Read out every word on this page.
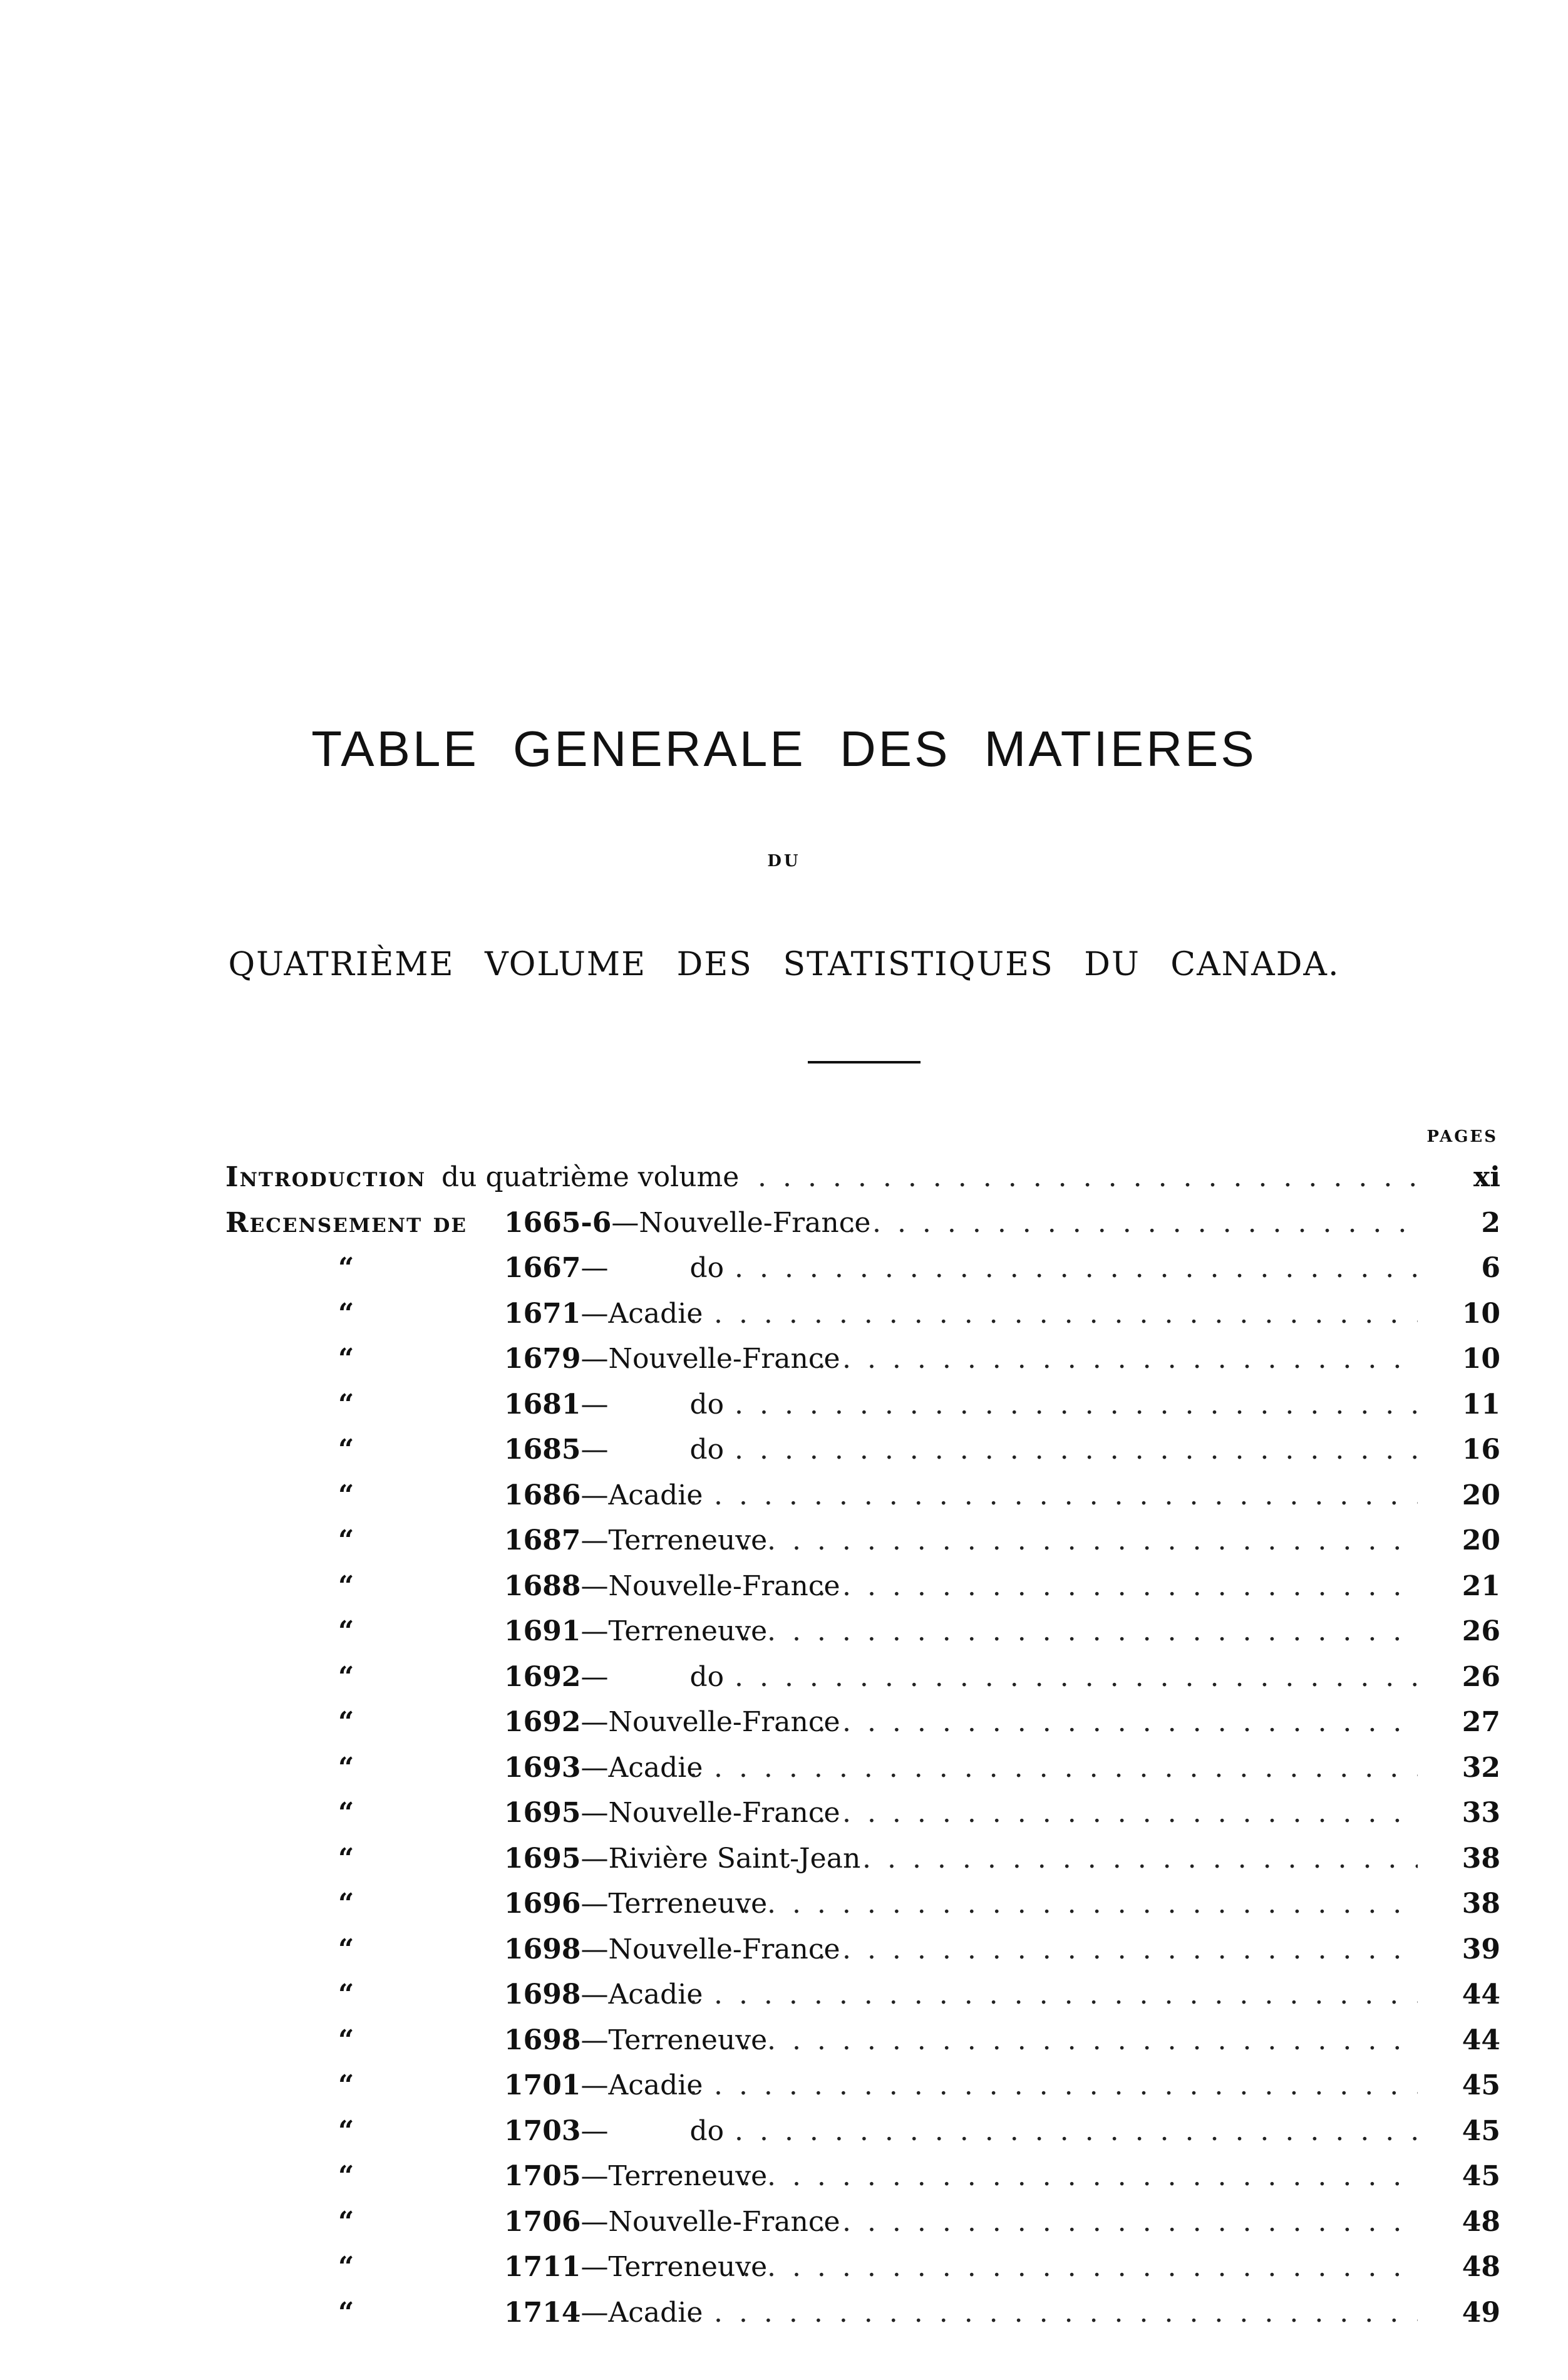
TABLE GENERALE DES MATIERES
DU
QUATRIÈME VOLUME DES STATISTIQUES DU CANADA.
PAGES
Introduction du quatrième volume . . .	xi
Recensement de 1665-6—Nouvelle-France . . .	2
“	1667—	do . . .	6
“	1671—Acadie . . .	10
“	1679—Nouvelle-France . . .	10
“	1681—	do . . .	11
“	1685—	do . . .	16
“	1686—Acadie . . .	20
“	1687—Terreneuve . . .	20
“	1688—Nouvelle-France . . .	21
“	1691—Terreneuve . . .	26
“	1692—	do . . .	26
“	1692—Nouvelle-France . . .	27
“	1693—Acadie . . .	32
“	1695—Nouvelle-France . . .	33
“	1695—Rivière Saint-Jean . . .	38
“	1696—Terreneuve . . .	38
“	1698—Nouvelle-France . . .	39
“	1698—Acadie . . .	44
“	1698—Terreneuve . . .	44
“	1701—Acadie . . .	45
“	1703—	do . . .	45
“	1705—Terreneuve . . .	45
“	1706—Nouvelle-France . . .	48
“	1711—Terreneuve . . .	48
“	1714—Acadie . . .	49
